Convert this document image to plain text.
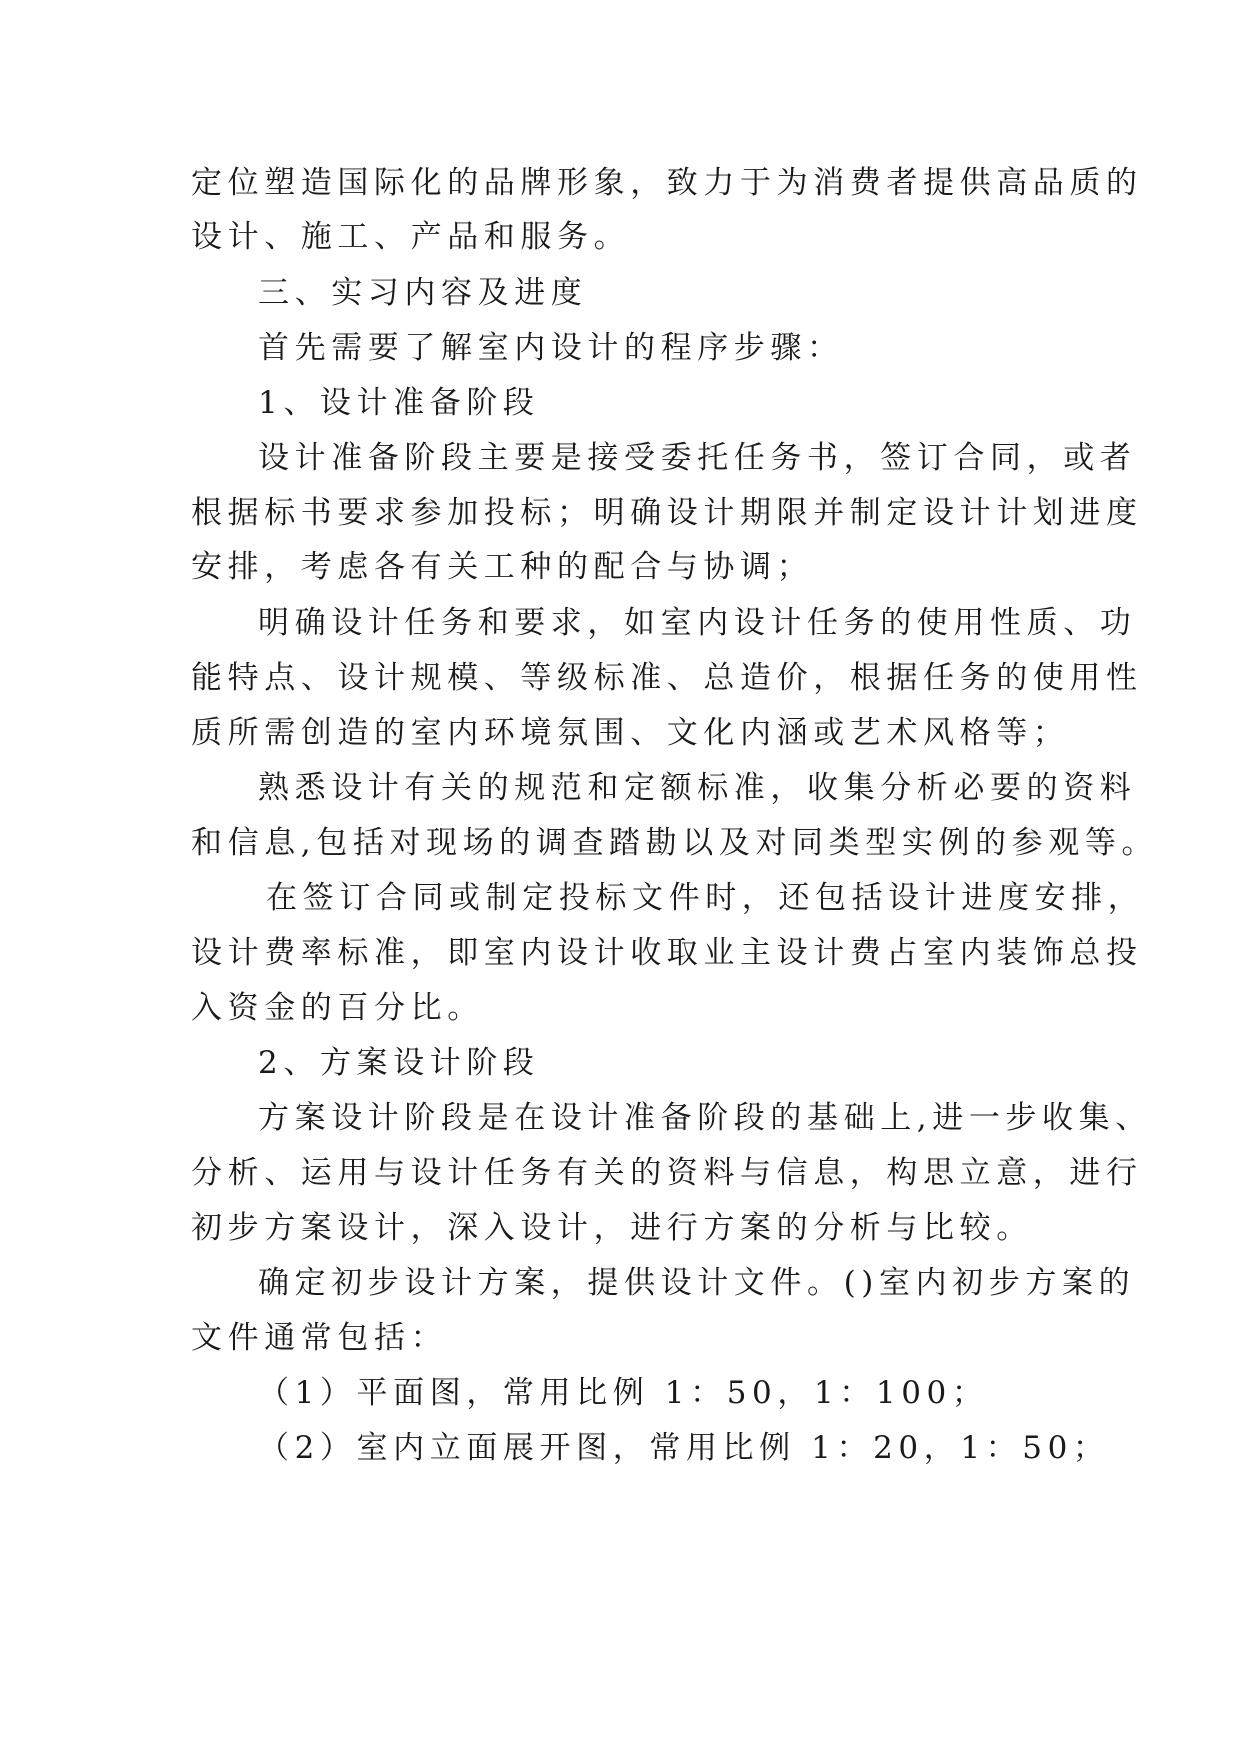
定位塑造国际化的品牌形象，致力于为消费者提供高品质的
设计、施工、产品和服务。
三、实习内容及进度
首先需要了解室内设计的程序步骤：
1、设计准备阶段
设计准备阶段主要是接受委托任务书，签订合同，或者
根据标书要求参加投标；明确设计期限并制定设计计划进度
安排，考虑各有关工种的配合与协调；
明确设计任务和要求，如室内设计任务的使用性质、功
能特点、设计规模、等级标准、总造价，根据任务的使用性
质所需创造的室内环境氛围、文化内涵或艺术风格等；
熟悉设计有关的规范和定额标准，收集分析必要的资料
和信息,包括对现场的调查踏勘以及对同类型实例的参观等。
在签订合同或制定投标文件时，还包括设计进度安排，
设计费率标准，即室内设计收取业主设计费占室内装饰总投
入资金的百分比。
2、方案设计阶段
方案设计阶段是在设计准备阶段的基础上,进一步收集、
分析、运用与设计任务有关的资料与信息，构思立意，进行
初步方案设计，深入设计，进行方案的分析与比较。
确定初步设计方案，提供设计文件。()室内初步方案的
文件通常包括：
（1）平面图，常用比例 1：50，1：100；
（2）室内立面展开图，常用比例 1：20，1：50；
